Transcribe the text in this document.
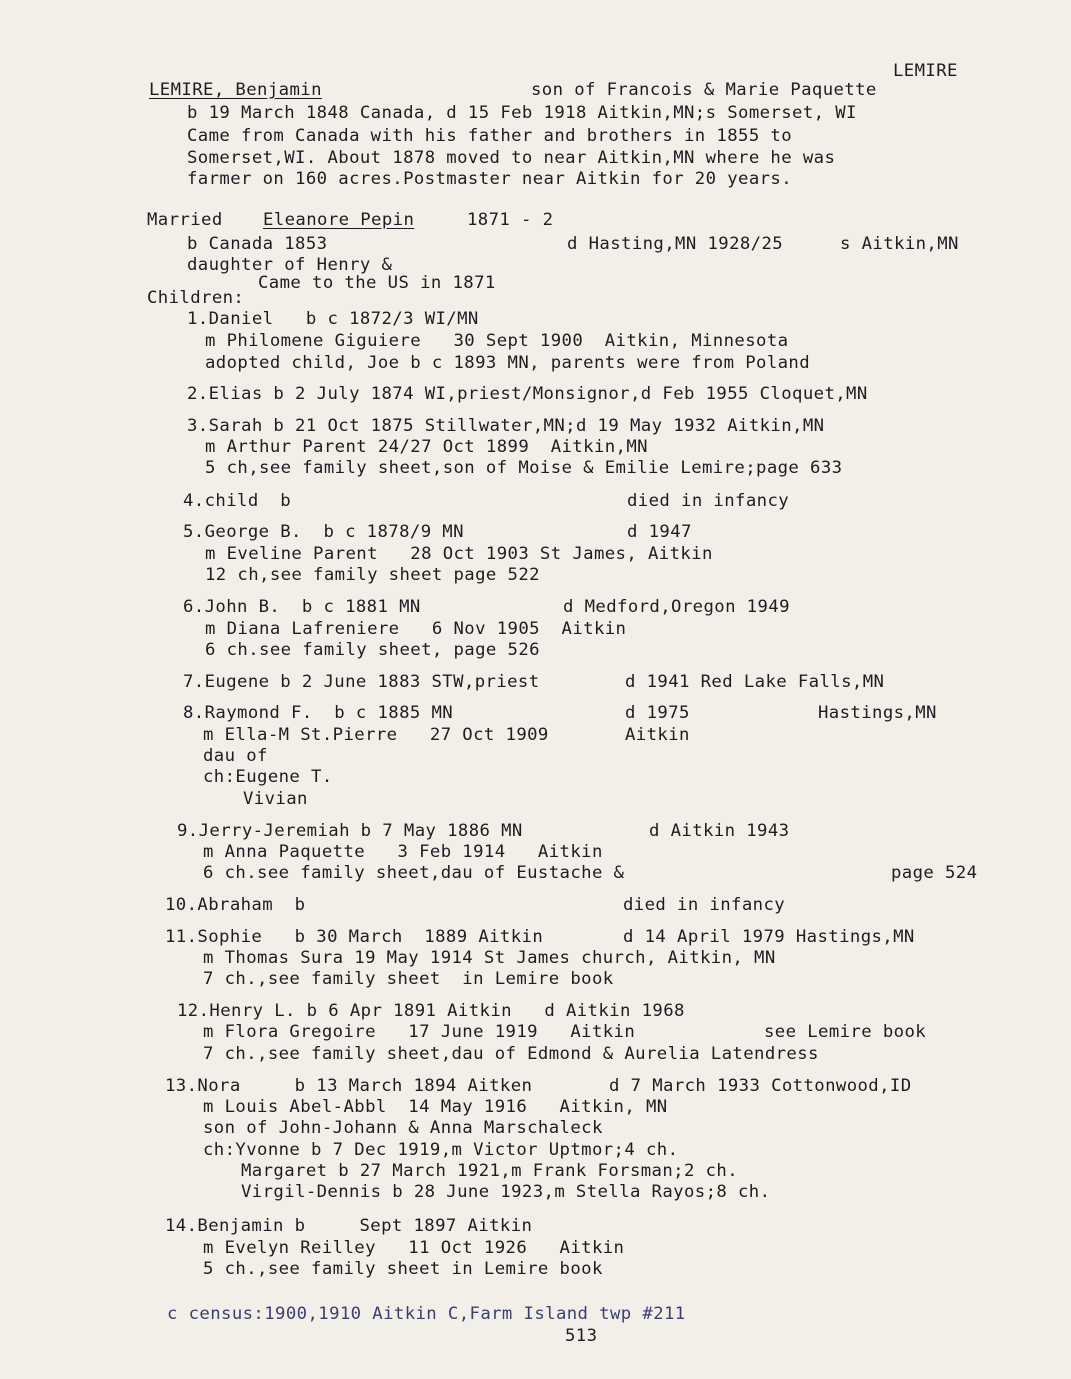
LEMIRE
LEMIRE, Benjamin	son of Francois & Marie Paquette
b 19 March 1848 Canada, d 15 Feb 1918 Aitkin,MN;s Somerset, WI
Came from Canada with his father and brothers in 1855 to
Somerset,WI. About 1878 moved to near Aitkin,MN where he was
farmer on 160 acres.Postmaster near Aitkin for 20 years.
Married Eleanore Pepin	1871 - 2
b Canada 1853	d Hasting,MN 1928/25	s Aitkin,MN
daughter of Henry &
Came to the US in 1871
Children:
1.Daniel   b c 1872/3 WI/MN
m Philomene Giguiere   30 Sept 1900  Aitkin, Minnesota
adopted child, Joe b c 1893 MN, parents were from Poland
2.Elias b 2 July 1874 WI,priest/Monsignor,d Feb 1955 Cloquet,MN
3.Sarah b 21 Oct 1875 Stillwater,MN;d 19 May 1932 Aitkin,MN
m Arthur Parent 24/27 Oct 1899  Aitkin,MN
5 ch,see family sheet,son of Moise & Emilie Lemire;page 633
4.child  b	died in infancy
5.George B.  b c 1878/9 MN	d 1947
m Eveline Parent   28 Oct 1903 St James, Aitkin
12 ch,see family sheet page 522
6.John B.  b c 1881 MN	d Medford,Oregon 1949
m Diana Lafreniere   6 Nov 1905  Aitkin
6 ch.see family sheet, page 526
7.Eugene b 2 June 1883 STW,priest	d 1941 Red Lake Falls,MN
8.Raymond F.  b c 1885 MN	d 1975	Hastings,MN
m Ella-M St.Pierre   27 Oct 1909	Aitkin
dau of
ch:Eugene T.
Vivian
9.Jerry-Jeremiah b 7 May 1886 MN	d Aitkin 1943
m Anna Paquette   3 Feb 1914   Aitkin
6 ch.see family sheet,dau of Eustache &	page 524
10.Abraham  b	died in infancy
11.Sophie   b 30 March  1889 Aitkin	d 14 April 1979 Hastings,MN
m Thomas Sura 19 May 1914 St James church, Aitkin, MN
7 ch.,see family sheet  in Lemire book
12.Henry L. b 6 Apr 1891 Aitkin   d Aitkin 1968
m Flora Gregoire   17 June 1919   Aitkin	see Lemire book
7 ch.,see family sheet,dau of Edmond & Aurelia Latendress
13.Nora     b 13 March 1894 Aitken	d 7 March 1933 Cottonwood,ID
m Louis Abel-Abbl  14 May 1916   Aitkin, MN
son of John-Johann & Anna Marschaleck
ch:Yvonne b 7 Dec 1919,m Victor Uptmor;4 ch.
Margaret b 27 March 1921,m Frank Forsman;2 ch.
Virgil-Dennis b 28 June 1923,m Stella Rayos;8 ch.
14.Benjamin b     Sept 1897 Aitkin
m Evelyn Reilley   11 Oct 1926   Aitkin
5 ch.,see family sheet in Lemire book
c census:1900,1910 Aitkin C,Farm Island twp #211
513
